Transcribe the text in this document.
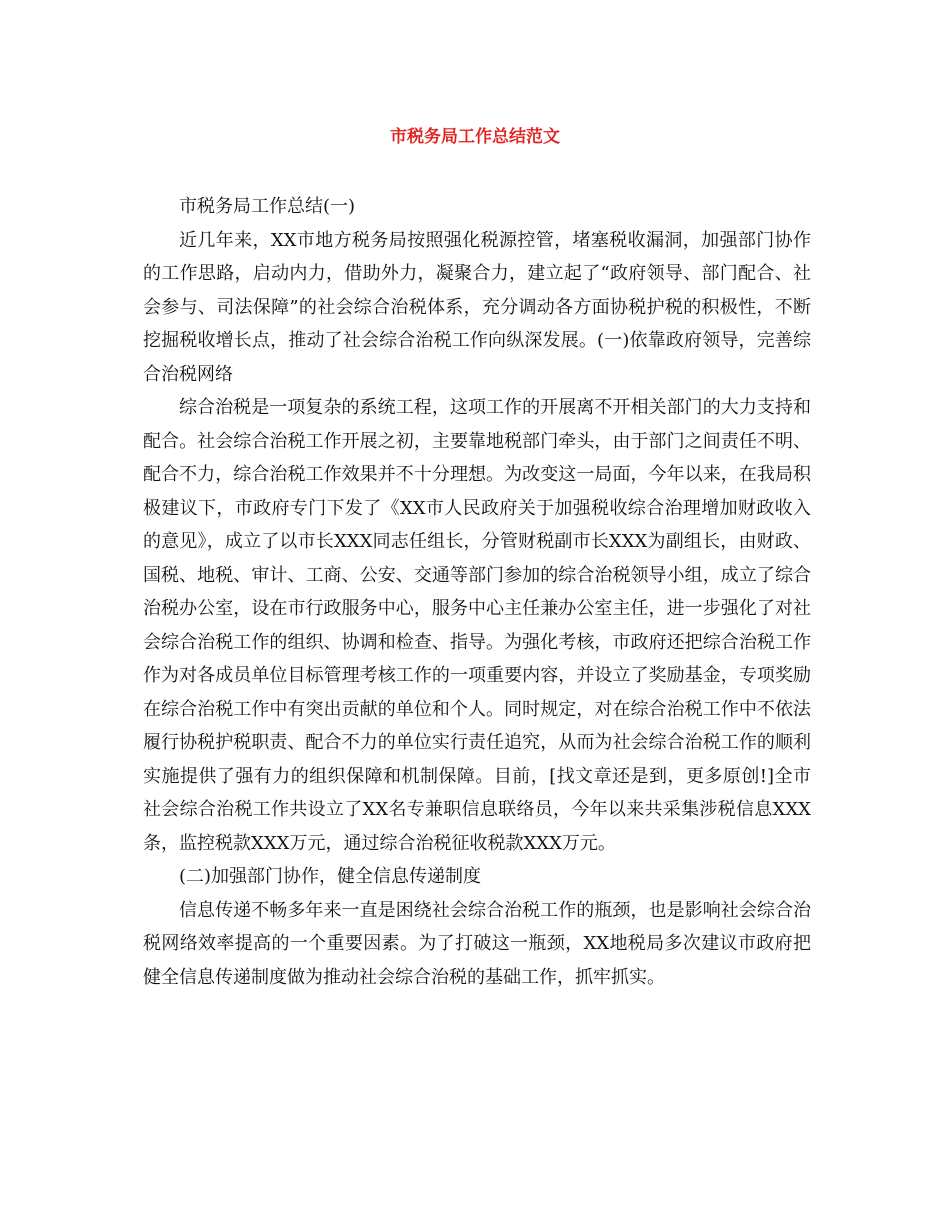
市税务局工作总结范文

市税务局工作总结(一)

近几年来，XX市地方税务局按照强化税源控管，堵塞税收漏洞，加强部门协作的工作思路，启动内力，借助外力，凝聚合力，建立起了“政府领导、部门配合、社会参与、司法保障”的社会综合治税体系，充分调动各方面协税护税的积极性，不断挖掘税收增长点，推动了社会综合治税工作向纵深发展。(一)依靠政府领导，完善综合治税网络

综合治税是一项复杂的系统工程，这项工作的开展离不开相关部门的大力支持和配合。社会综合治税工作开展之初，主要靠地税部门牵头，由于部门之间责任不明、配合不力，综合治税工作效果并不十分理想。为改变这一局面，今年以来，在我局积极建议下，市政府专门下发了《XX市人民政府关于加强税收综合治理增加财政收入的意见》，成立了以市长XXX同志任组长，分管财税副市长XXX为副组长，由财政、国税、地税、审计、工商、公安、交通等部门参加的综合治税领导小组，成立了综合治税办公室，设在市行政服务中心，服务中心主任兼办公室主任，进一步强化了对社会综合治税工作的组织、协调和检查、指导。为强化考核，市政府还把综合治税工作作为对各成员单位目标管理考核工作的一项重要内容，并设立了奖励基金，专项奖励在综合治税工作中有突出贡献的单位和个人。同时规定，对在综合治税工作中不依法履行协税护税职责、配合不力的单位实行责任追究，从而为社会综合治税工作的顺利实施提供了强有力的组织保障和机制保障。目前，[找文章还是到，更多原创!]全市社会综合治税工作共设立了XX名专兼职信息联络员，今年以来共采集涉税信息XXX条，监控税款XXX万元，通过综合治税征收税款XXX万元。

(二)加强部门协作，健全信息传递制度

信息传递不畅多年来一直是困绕社会综合治税工作的瓶颈，也是影响社会综合治税网络效率提高的一个重要因素。为了打破这一瓶颈，XX地税局多次建议市政府把健全信息传递制度做为推动社会综合治税的基础工作，抓牢抓实。
